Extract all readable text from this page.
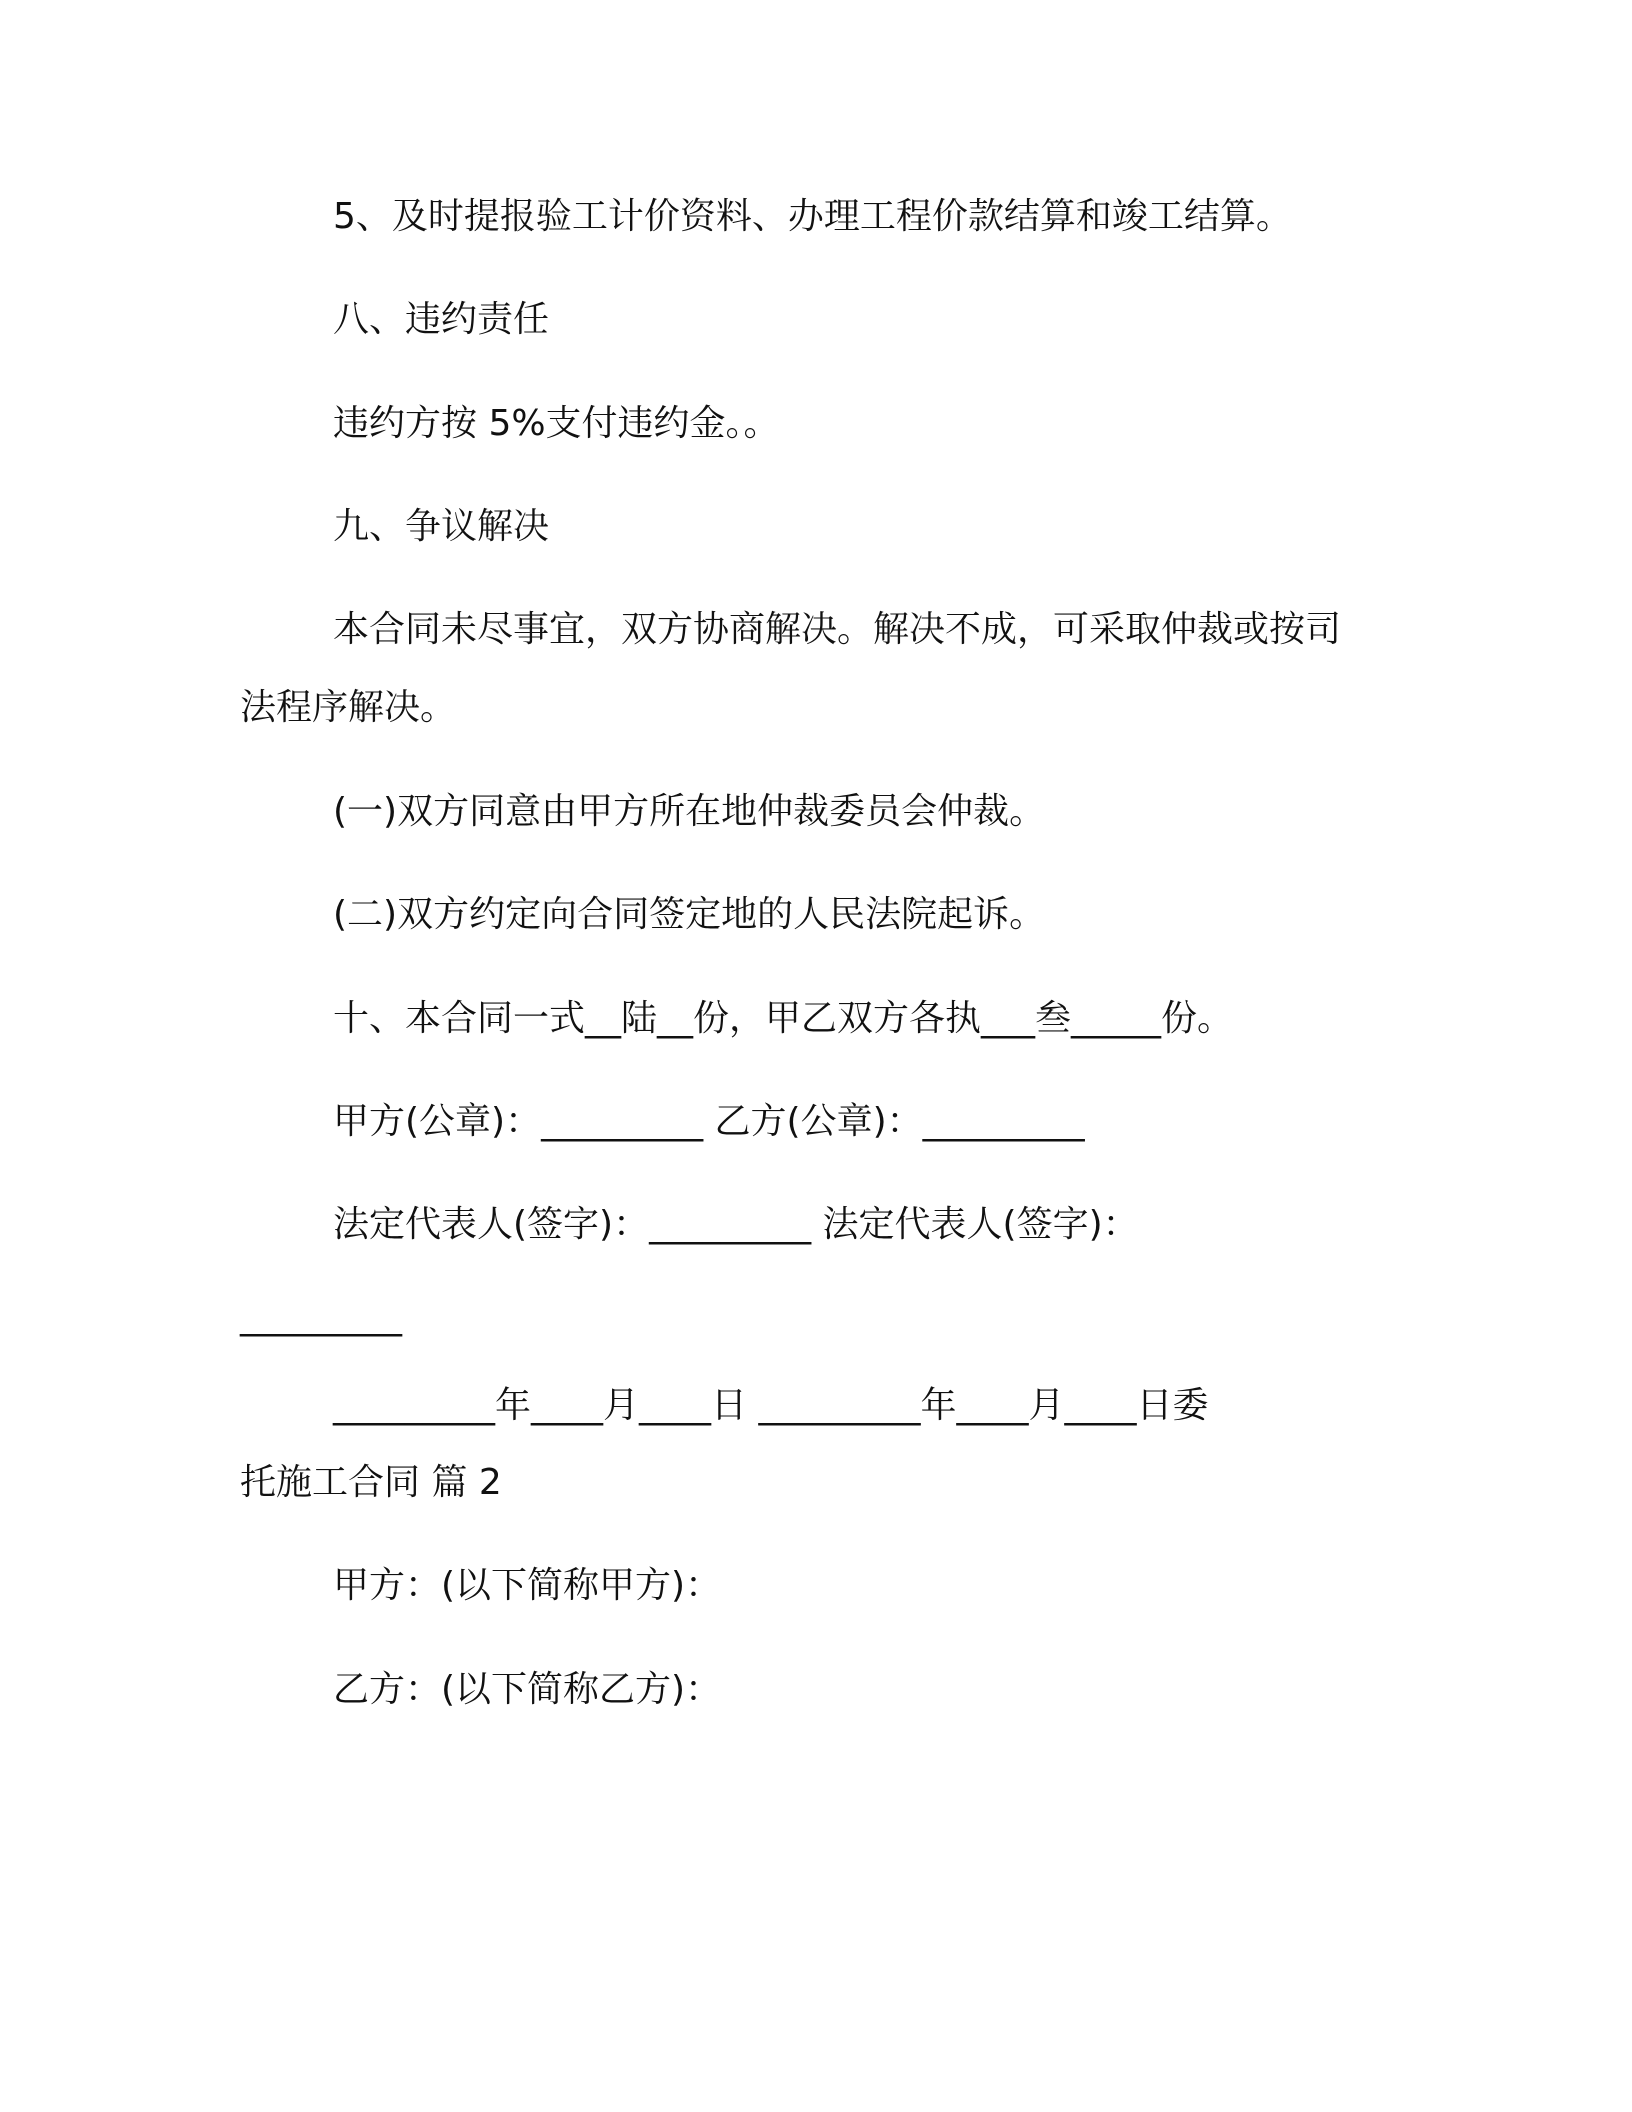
5、及时提报验工计价资料、办理工程价款结算和竣工结算。
八、违约责任
违约方按 5%支付违约金。。
九、争议解决
本合同未尽事宜，双方协商解决。解决不成，可采取仲裁或按司
法程序解决。
(一)双方同意由甲方所在地仲裁委员会仲裁。
(二)双方约定向合同签定地的人民法院起诉。
十、本合同一式__陆__份，甲乙双方各执___叁_____份。
甲方(公章)：_________ 乙方(公章)：_________
法定代表人(签字)：_________ 法定代表人(签字)：
_________
_________年____月____日 _________年____月____日委
托施工合同 篇 2
甲方：(以下简称甲方)：
乙方：(以下简称乙方)：
